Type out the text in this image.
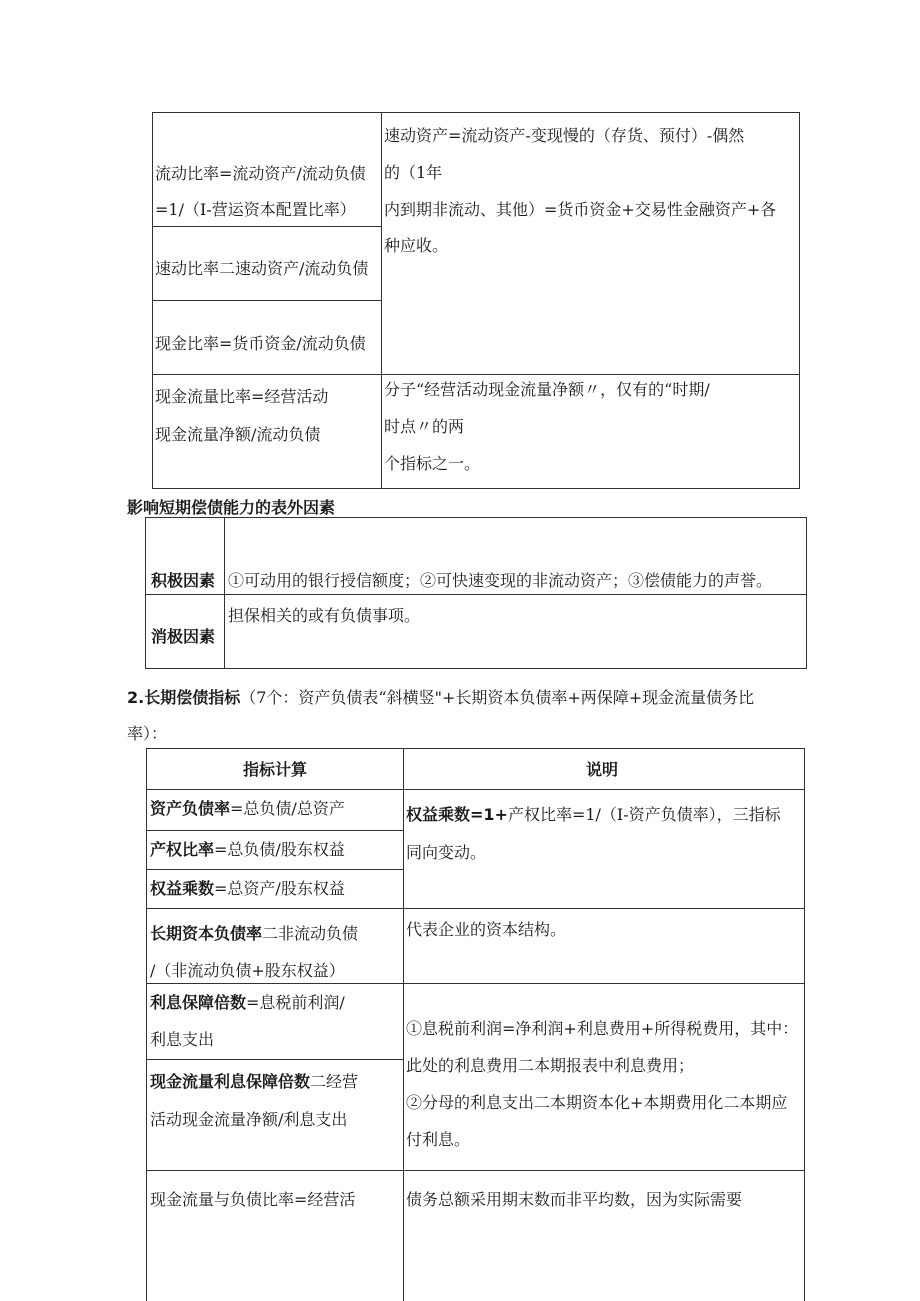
流动比率=流动资产/流动负债
=1/（I-营运资本配置比率）
速动比率二速动资产/流动负债
现金比率=货币资金/流动负债
现金流量比率=经营活动
现金流量净额/流动负债
速动资产=流动资产-变现慢的（存货、预付）-偶然
的（1年
内到期非流动、其他）=货币资金+交易性金融资产+各
种应收。
分子“经营活动现金流量净额〃，仅有的“时期/
时点〃的两
个指标之一。
影响短期偿债能力的表外因素
积极因素 ①可动用的银行授信额度；②可快速变现的非流动资产；③偿债能力的声誉。
消极因素
担保相关的或有负债事项。
2.长期偿债指标（7个：资产负债表“斜横竖"+长期资本负债率+两保障+现金流量债务比
率）：
指标计算	说明
资产负债率=总负债/总资产
产权比率=总负债/股东权益
权益乘数=总资产/股东权益
权益乘数=1+产权比率=1/（I-资产负债率），三指标
同向变动。
长期资本负债率二非流动负债
/（非流动负债+股东权益）
代表企业的资本结构。
利息保障倍数=息税前利润/
利息支出
现金流量利息保障倍数二经营
活动现金流量净额/利息支出
①息税前利润=净利润+利息费用+所得税费用，其中：
此处的利息费用二本期报表中利息费用；
②分母的利息支出二本期资本化+本期费用化二本期应
付利息。
现金流量与负债比率=经营活	债务总额采用期末数而非平均数，因为实际需要
